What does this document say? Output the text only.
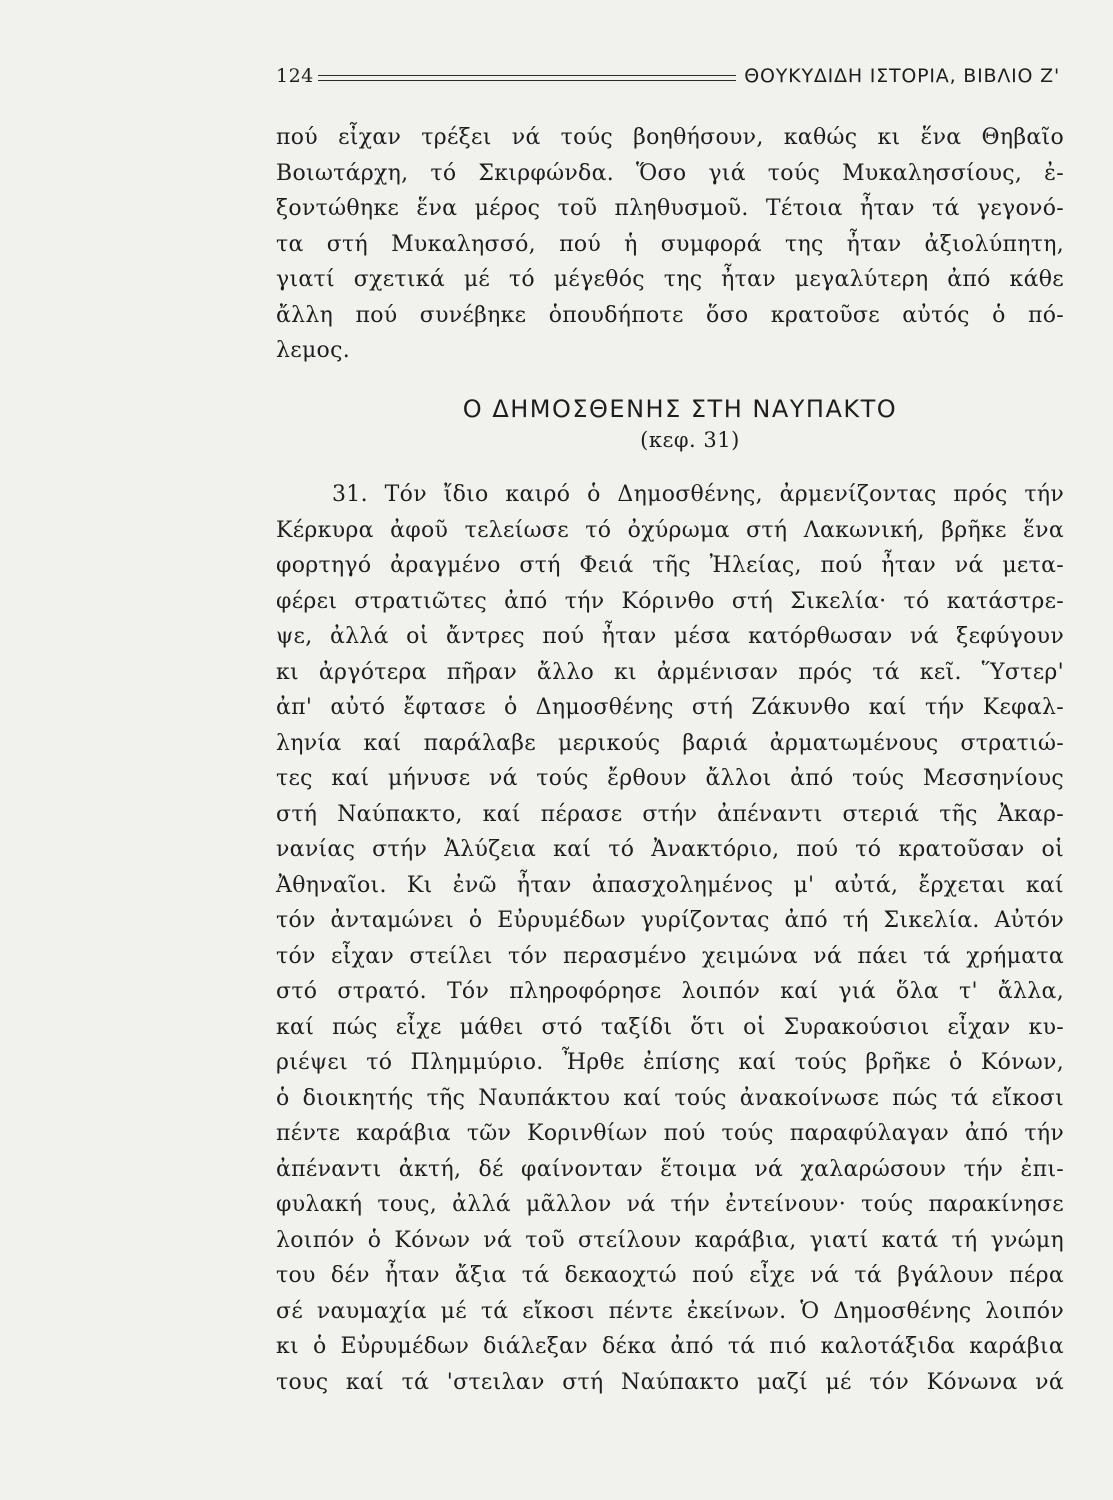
124	ΘΟΥΚΥΔΙΔΗ ΙΣΤΟΡΙΑ, ΒΙΒΛΙΟ Ζ'
πού εἶχαν τρέξει νά τούς βοηθήσουν, καθώς κι ἕνα Θηβαῖο
Βοιωτάρχη, τό Σκιρφώνδα. Ὅσο γιά τούς Μυκαλησσίους, ἐ-
ξοντώθηκε ἕνα μέρος τοῦ πληθυσμοῦ. Τέτοια ἦταν τά γεγονό-
τα στή Μυκαλησσό, πού ἡ συμφορά της ἦταν ἀξιολύπητη,
γιατί σχετικά μέ τό μέγεθός της ἦταν μεγαλύτερη ἀπό κάθε
ἄλλη πού συνέβηκε ὁπουδήποτε ὅσο κρατοῦσε αὐτός ὁ πό-
λεμος.
Ο ΔΗΜΟΣΘΕΝΗΣ ΣΤΗ ΝΑΥΠΑΚΤΟ
(κεφ. 31)
31. Τόν ἴδιο καιρό ὁ Δημοσθένης, ἀρμενίζοντας πρός τήν
Κέρκυρα ἀφοῦ τελείωσε τό ὀχύρωμα στή Λακωνική, βρῆκε ἕνα
φορτηγό ἀραγμένο στή Φειά τῆς Ἠλείας, πού ἦταν νά μετα-
φέρει στρατιῶτες ἀπό τήν Κόρινθο στή Σικελία· τό κατάστρε-
ψε, ἀλλά οἱ ἄντρες πού ἦταν μέσα κατόρθωσαν νά ξεφύγουν
κι ἀργότερα πῆραν ἄλλο κι ἀρμένισαν πρός τά κεῖ. Ὕστερ'
ἀπ' αὐτό ἔφτασε ὁ Δημοσθένης στή Ζάκυνθο καί τήν Κεφαλ-
ληνία καί παράλαβε μερικούς βαριά ἀρματωμένους στρατιώ-
τες καί μήνυσε νά τούς ἔρθουν ἄλλοι ἀπό τούς Μεσσηνίους
στή Ναύπακτο, καί πέρασε στήν ἀπέναντι στεριά τῆς Ἀκαρ-
νανίας στήν Ἀλύζεια καί τό Ἀνακτόριο, πού τό κρατοῦσαν οἱ
Ἀθηναῖοι. Κι ἐνῶ ἦταν ἀπασχολημένος μ' αὐτά, ἔρχεται καί
τόν ἀνταμώνει ὁ Εὐρυμέδων γυρίζοντας ἀπό τή Σικελία. Αὐτόν
τόν εἶχαν στείλει τόν περασμένο χειμώνα νά πάει τά χρήματα
στό στρατό. Τόν πληροφόρησε λοιπόν καί γιά ὅλα τ' ἄλλα,
καί πώς εἶχε μάθει στό ταξίδι ὅτι οἱ Συρακούσιοι εἶχαν κυ-
ριέψει τό Πλημμύριο. Ἦρθε ἐπίσης καί τούς βρῆκε ὁ Κόνων,
ὁ διοικητής τῆς Ναυπάκτου καί τούς ἀνακοίνωσε πώς τά εἴκοσι
πέντε καράβια τῶν Κορινθίων πού τούς παραφύλαγαν ἀπό τήν
ἀπέναντι ἀκτή, δέ φαίνονταν ἕτοιμα νά χαλαρώσουν τήν ἐπι-
φυλακή τους, ἀλλά μᾶλλον νά τήν ἐντείνουν· τούς παρακίνησε
λοιπόν ὁ Κόνων νά τοῦ στείλουν καράβια, γιατί κατά τή γνώμη
του δέν ἦταν ἄξια τά δεκαοχτώ πού εἶχε νά τά βγάλουν πέρα
σέ ναυμαχία μέ τά εἴκοσι πέντε ἐκείνων. Ὁ Δημοσθένης λοιπόν
κι ὁ Εὐρυμέδων διάλεξαν δέκα ἀπό τά πιό καλοτάξιδα καράβια
τους καί τά 'στειλαν στή Ναύπακτο μαζί μέ τόν Κόνωνα νά
